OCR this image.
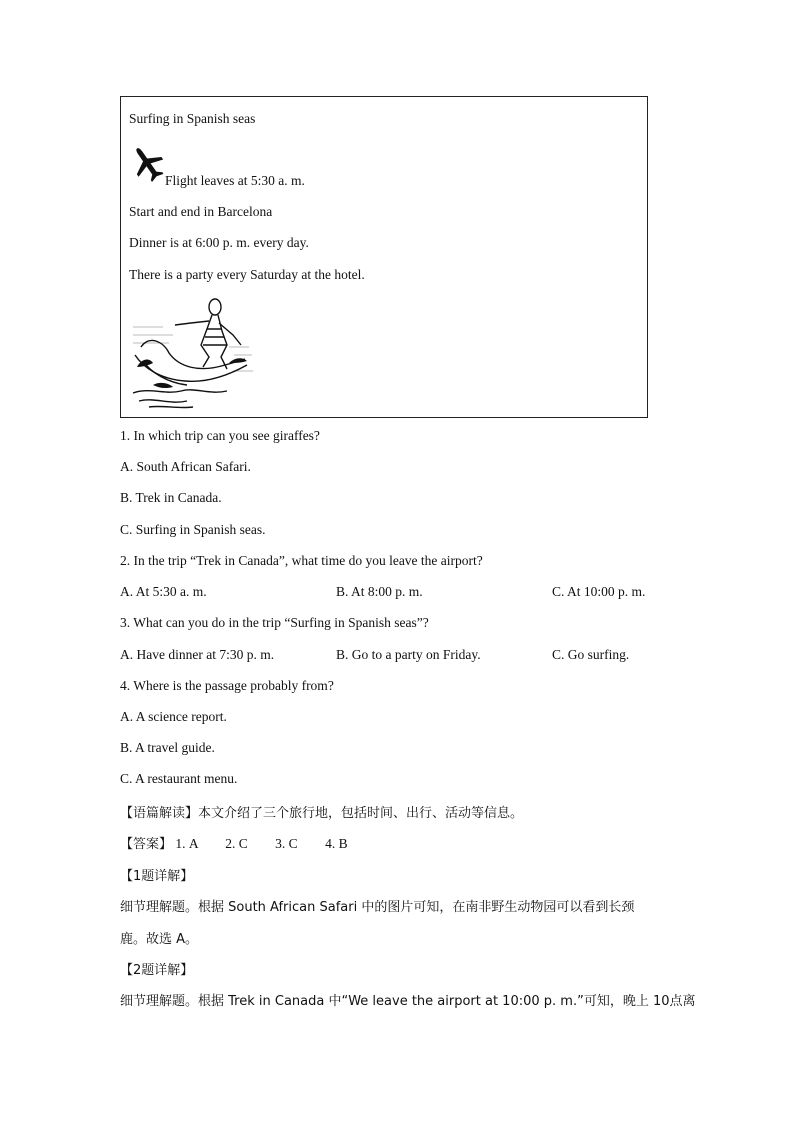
Surfing in Spanish seas
Flight leaves at 5:30 a. m.
Start and end in Barcelona
Dinner is at 6:00 p. m. every day.
There is a party every Saturday at the hotel.
1. In which trip can you see giraffes?
A. South African Safari.
B. Trek in Canada.
C. Surfing in Spanish seas.
2. In the trip “Trek in Canada”, what time do you leave the airport?
A. At 5:30 a. m.	B. At 8:00 p. m.	C. At 10:00 p. m.
3. What can you do in the trip “Surfing in Spanish seas”?
A. Have dinner at 7:30 p. m.	B. Go to a party on Friday.	C. Go surfing.
4. Where is the passage probably from?
A. A science report.
B. A travel guide.
C. A restaurant menu.
【语篇解读】本文介绍了三个旅行地，包括时间、出行、活动等信息。
【答案】 1. A 2. C 3. C 4. B
【1题详解】
细节理解题。根据 South African Safari 中的图片可知，在南非野生动物园可以看到长颈
鹿。故选 A。
【2题详解】
细节理解题。根据 Trek in Canada 中“We leave the airport at 10:00 p. m.”可知，晚上 10点离
